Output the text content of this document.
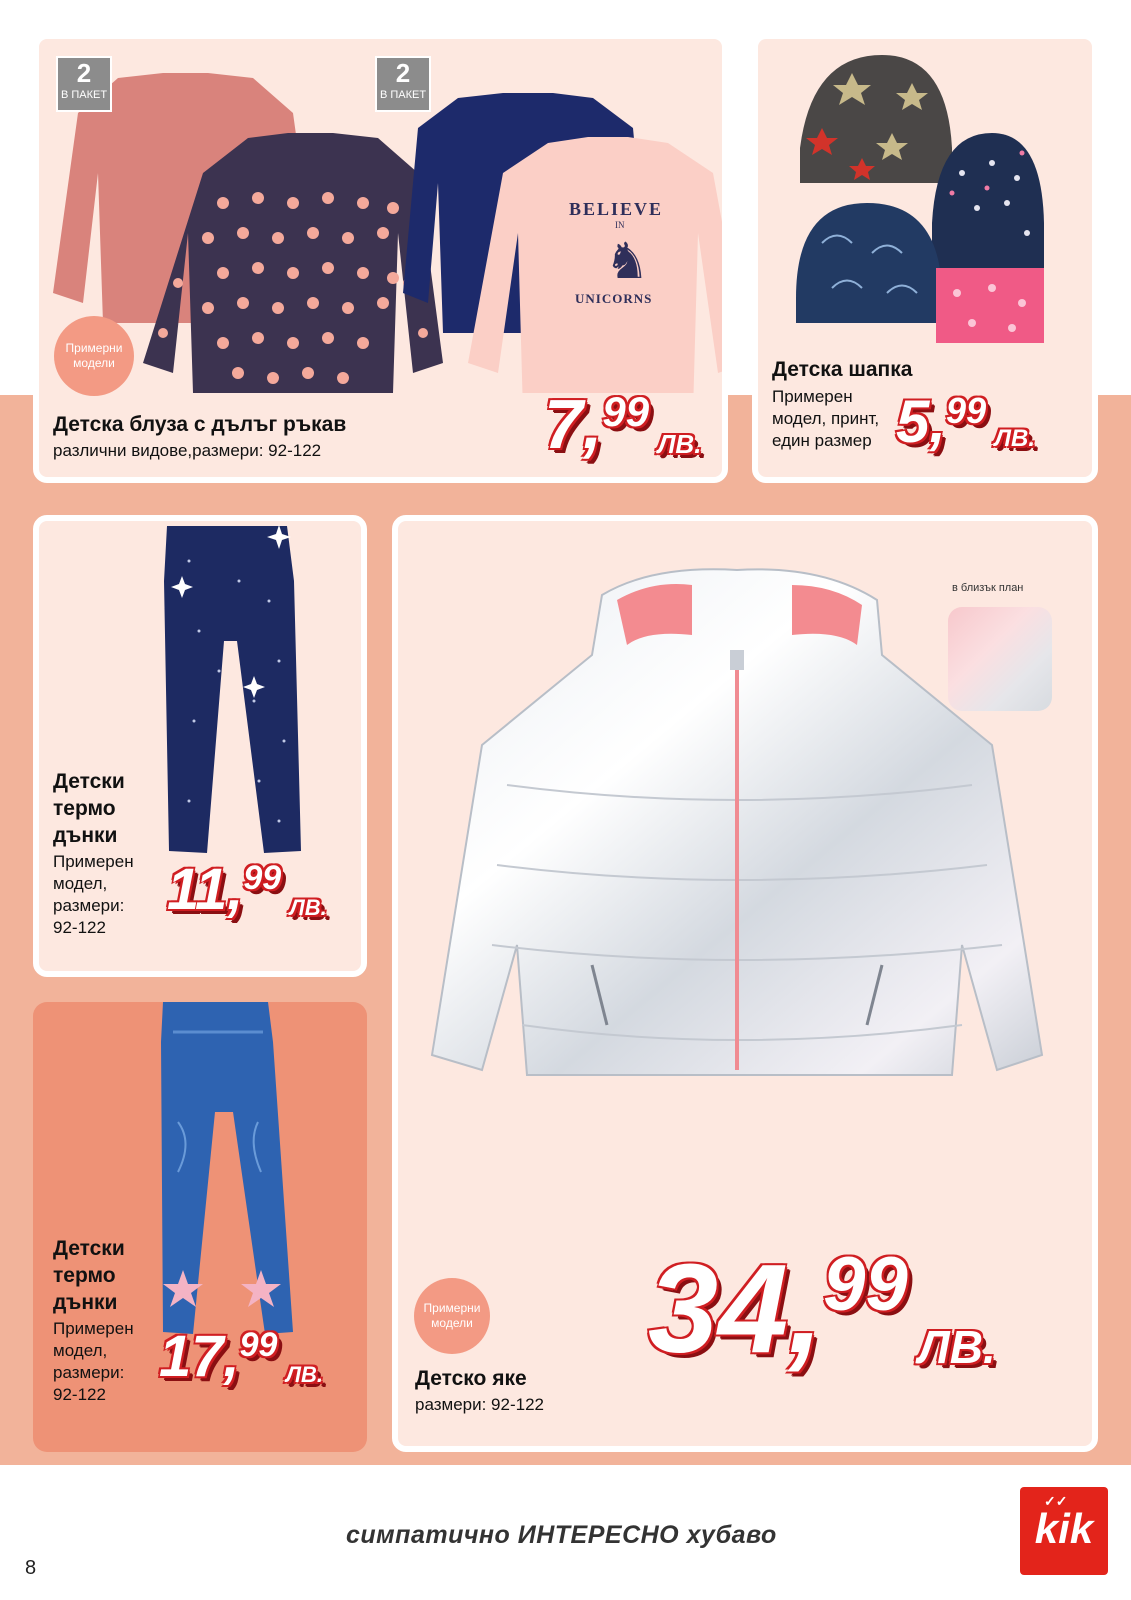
BELIEVE
IN
♞
UNICORNS
2
В ПАКЕТ
2
В ПАКЕТ
Примерни модели
Детска блуза с дълъг ръкав
различни видове,размери: 92-122	7,99 ЛВ.
Детска шапка
Примерен
модел, принт,
един размер 5,99 ЛВ.
Детски
термо
дънки
Примерен
модел,
размери:
92-122
11,99 ЛВ.
Детски
термо
дънки
Примерен
модел,
размери:
92-122
17,99 ЛВ.
в близък план
Примерни модели
Детско яке
размери: 92-122
34,99 ЛВ.
симпатично ИНТЕРЕСНО хубаво
8
✓✓
kik
